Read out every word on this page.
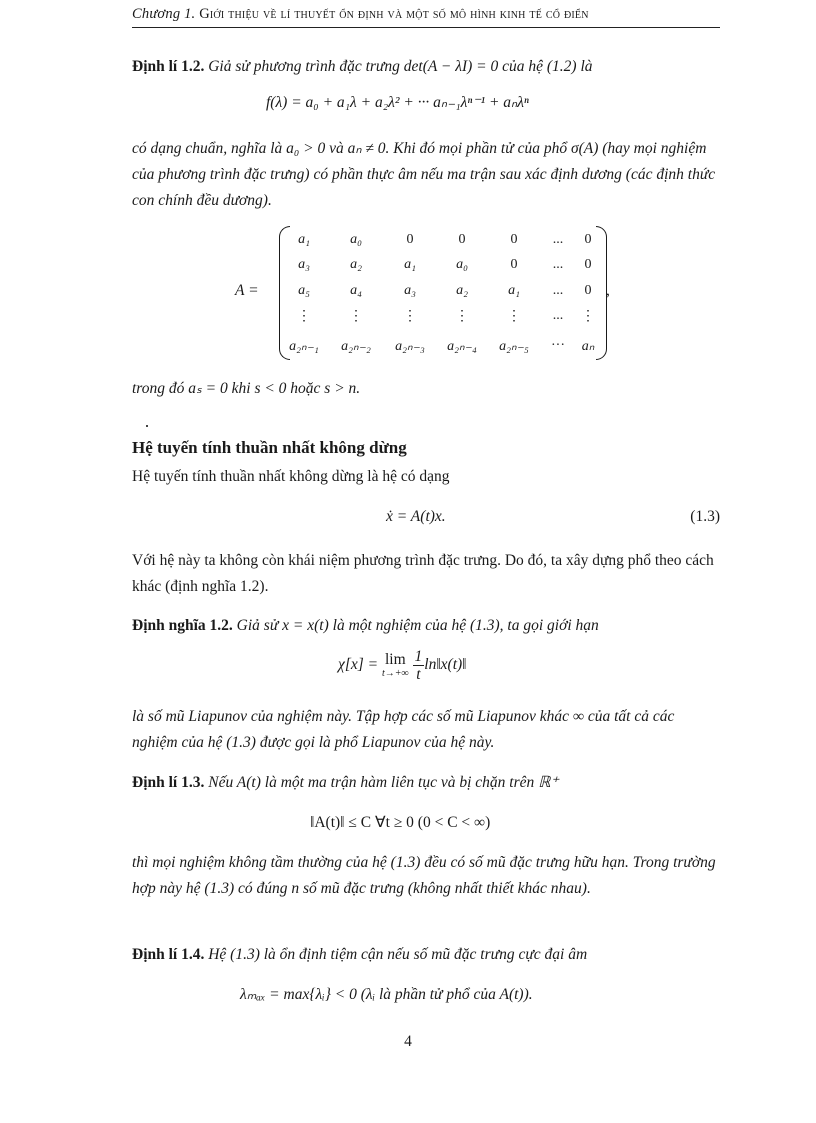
Chương 1. Giới thiệu về lí thuyết ổn định và một số mô hình kinh tế cổ điển
Định lí 1.2. Giả sử phương trình đặc trưng det(A − λI) = 0 của hệ (1.2) là
f(λ) = a₀ + a₁λ + a₂λ² + ··· aₙ₋₁λⁿ⁻¹ + aₙλⁿ
có dạng chuẩn, nghĩa là a₀ > 0 và aₙ ≠ 0. Khi đó mọi phần tử của phổ σ(A) (hay mọi nghiệm của phương trình đặc trưng) có phần thực âm nếu ma trận sau xác định dương (các định thức con chính đều dương).
A =
a₁	a₀	0	0	0	...	0
a₃	a₂	a₁	a₀	0	...	0
a₅	a₄	a₃	a₂	a₁	...	0
⋮	⋮	⋮	⋮	⋮	...	⋮
a₂ₙ₋₁	a₂ₙ₋₂	a₂ₙ₋₃	a₂ₙ₋₄	a₂ₙ₋₅	···	aₙ
,
trong đó aₛ = 0 khi s < 0 hoặc s > n.
Hệ tuyến tính thuần nhất không dừng
Hệ tuyến tính thuần nhất không dừng là hệ có dạng
ẋ = A(t)x.	(1.3)
Với hệ này ta không còn khái niệm phương trình đặc trưng. Do đó, ta xây dựng phổ theo cách khác (định nghĩa 1.2).
Định nghĩa 1.2. Giả sử x = x(t) là một nghiệm của hệ (1.3), ta gọi giới hạn
χ[x] = lim
t→+∞
$\frac{1}{t}$ ln‖x(t)‖
là số mũ Liapunov của nghiệm này. Tập hợp các số mũ Liapunov khác ∞ của tất cả các nghiệm của hệ (1.3) được gọi là phổ Liapunov của hệ này.
Định lí 1.3. Nếu A(t) là một ma trận hàm liên tục và bị chặn trên ℝ⁺
‖A(t)‖ ≤ C ∀t ≥ 0 (0 < C < ∞)
thì mọi nghiệm không tầm thường của hệ (1.3) đều có số mũ đặc trưng hữu hạn. Trong trường hợp này hệ (1.3) có đúng n số mũ đặc trưng (không nhất thiết khác nhau).
Định lí 1.4. Hệ (1.3) là ổn định tiệm cận nếu số mũ đặc trưng cực đại âm
λₘₐₓ = max{λᵢ} < 0 (λᵢ là phần tử phổ của A(t)).
4
